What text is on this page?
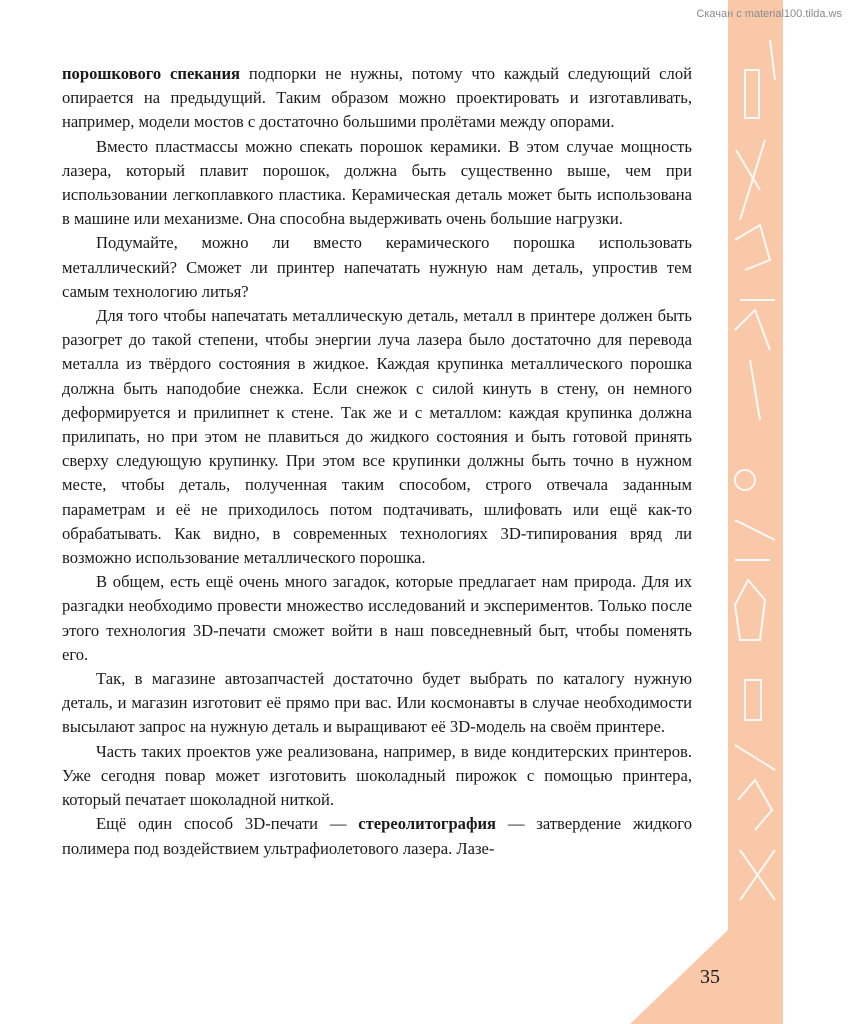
Скачан с material100.tilda.ws

порошкового спекания подпорки не нужны, потому что каждый следующий слой опирается на предыдущий. Таким образом можно проектировать и изготавливать, например, модели мостов с достаточно большими пролётами между опорами.

Вместо пластмассы можно спекать порошок керамики. В этом случае мощность лазера, который плавит порошок, должна быть существенно выше, чем при использовании легкоплавкого пластика. Керамическая деталь может быть использована в машине или механизме. Она способна выдерживать очень большие нагрузки.

Подумайте, можно ли вместо керамического порошка использовать металлический? Сможет ли принтер напечатать нужную нам деталь, упростив тем самым технологию литья?

Для того чтобы напечатать металлическую деталь, металл в принтере должен быть разогрет до такой степени, чтобы энергии луча лазера было достаточно для перевода металла из твёрдого состояния в жидкое. Каждая крупинка металлического порошка должна быть наподобие снежка. Если снежок с силой кинуть в стену, он немного деформируется и прилипнет к стене. Так же и с металлом: каждая крупинка должна прилипать, но при этом не плавиться до жидкого состояния и быть готовой принять сверху следующую крупинку. При этом все крупинки должны быть точно в нужном месте, чтобы деталь, полученная таким способом, строго отвечала заданным параметрам и её не приходилось потом подтачивать, шлифовать или ещё как-то обрабатывать. Как видно, в современных технологиях 3D-типирования вряд ли возможно использование металлического порошка.

В общем, есть ещё очень много загадок, которые предлагает нам природа. Для их разгадки необходимо провести множество исследований и экспериментов. Только после этого технология 3D-печати сможет войти в наш повседневный быт, чтобы поменять его.

Так, в магазине автозапчастей достаточно будет выбрать по каталогу нужную деталь, и магазин изготовит её прямо при вас. Или космонавты в случае необходимости высылают запрос на нужную деталь и выращивают её 3D-модель на своём принтере.

Часть таких проектов уже реализована, например, в виде кондитерских принтеров. Уже сегодня повар может изготовить шоколадный пирожок с помощью принтера, который печатает шоколадной ниткой.

Ещё один способ 3D-печати — стереолитография — затвердение жидкого полимера под воздействием ультрафиолетового лазера. Лазе-

35
